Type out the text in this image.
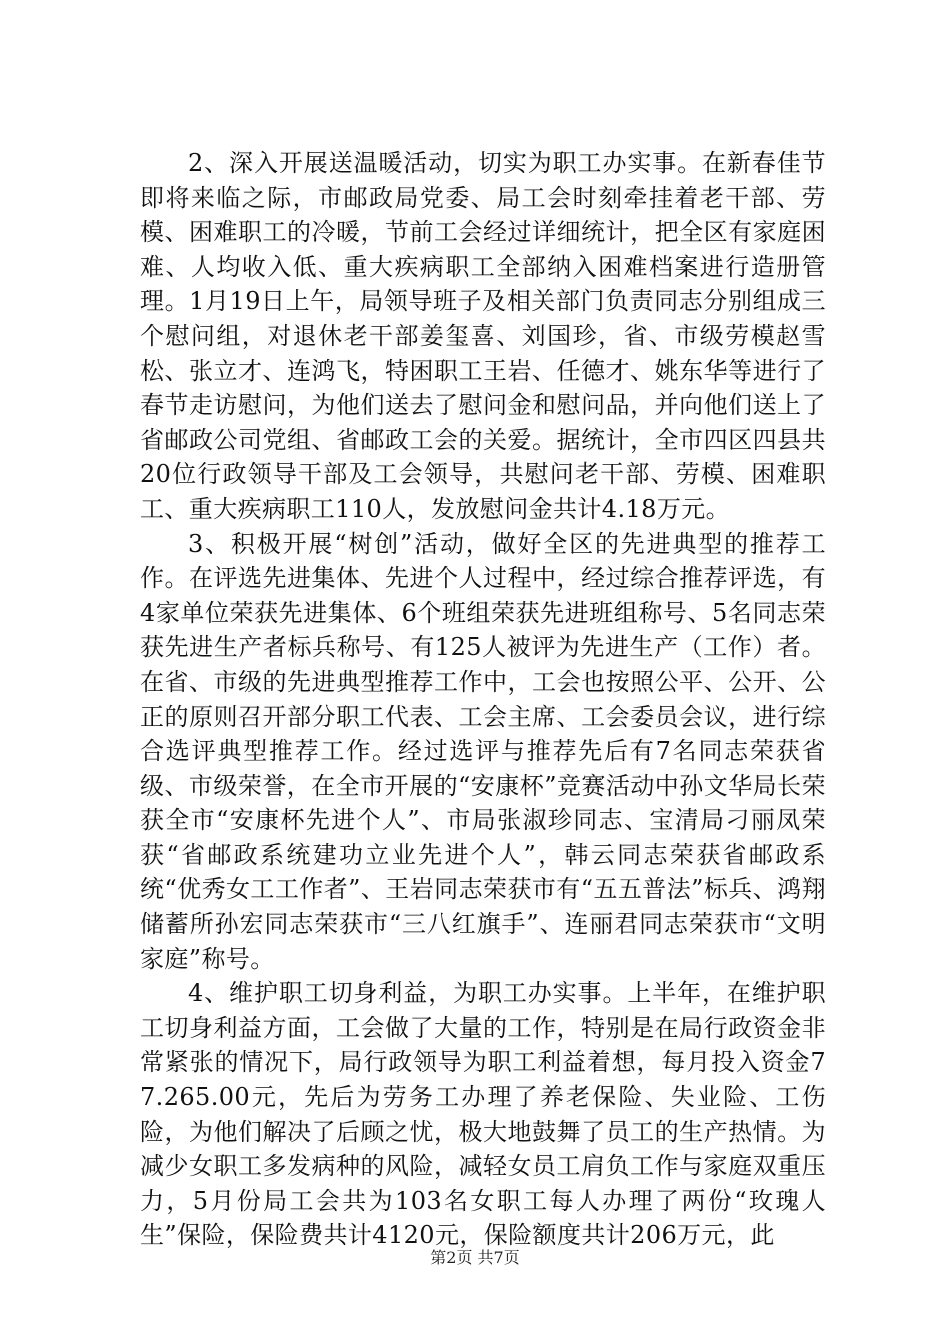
2、深入开展送温暖活动，切实为职工办实事。在新春佳节即将来临之际，市邮政局党委、局工会时刻牵挂着老干部、劳模、困难职工的冷暖，节前工会经过详细统计，把全区有家庭困难、人均收入低、重大疾病职工全部纳入困难档案进行造册管理。1月19日上午，局领导班子及相关部门负责同志分别组成三个慰问组，对退休老干部姜玺喜、刘国珍，省、市级劳模赵雪松、张立才、连鸿飞，特困职工王岩、任德才、姚东华等进行了春节走访慰问，为他们送去了慰问金和慰问品，并向他们送上了省邮政公司党组、省邮政工会的关爱。据统计，全市四区四县共20位行政领导干部及工会领导，共慰问老干部、劳模、困难职工、重大疾病职工110人，发放慰问金共计4.18万元。

3、积极开展“树创”活动，做好全区的先进典型的推荐工作。在评选先进集体、先进个人过程中，经过综合推荐评选，有4家单位荣获先进集体、6个班组荣获先进班组称号、5名同志荣获先进生产者标兵称号、有125人被评为先进生产（工作）者。在省、市级的先进典型推荐工作中，工会也按照公平、公开、公正的原则召开部分职工代表、工会主席、工会委员会议，进行综合选评典型推荐工作。经过选评与推荐先后有7名同志荣获省级、市级荣誉，在全市开展的“安康杯”竞赛活动中孙文华局长荣获全市“安康杯先进个人”、市局张淑珍同志、宝清局刁丽凤荣获“省邮政系统建功立业先进个人”，韩云同志荣获省邮政系统“优秀女工工作者”、王岩同志荣获市有“五五普法”标兵、鸿翔储蓄所孙宏同志荣获市“三八红旗手”、连丽君同志荣获市“文明家庭”称号。

4、维护职工切身利益，为职工办实事。上半年，在维护职工切身利益方面，工会做了大量的工作，特别是在局行政资金非常紧张的情况下，局行政领导为职工利益着想，每月投入资金77.265.00元，先后为劳务工办理了养老保险、失业险、工伤险，为他们解决了后顾之忧，极大地鼓舞了员工的生产热情。为减少女职工多发病种的风险，减轻女员工肩负工作与家庭双重压力，5月份局工会共为103名女职工每人办理了两份“玫瑰人生”保险，保险费共计4120元，保险额度共计206万元，此

第2页 共7页
